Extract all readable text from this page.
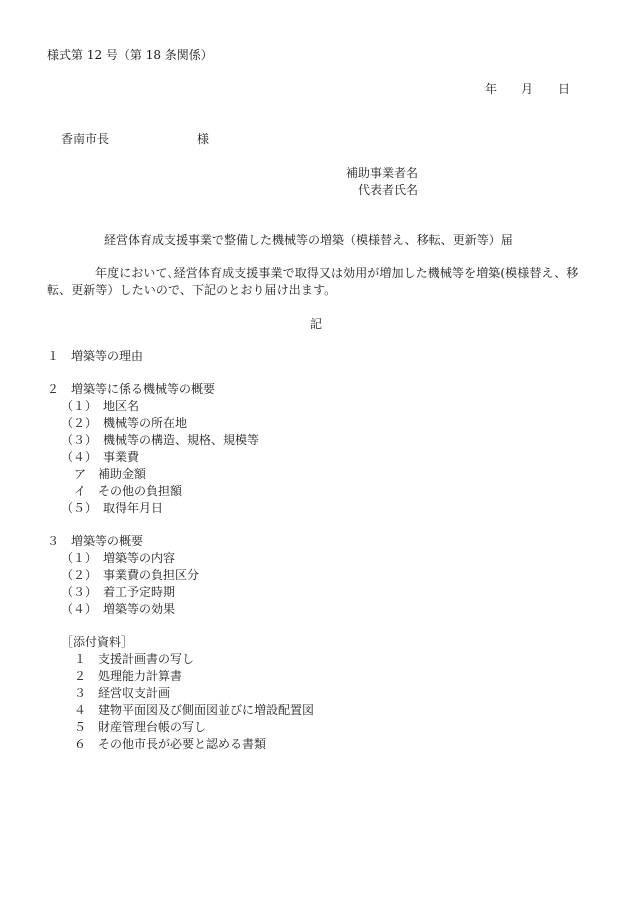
様式第 12 号（第 18 条関係）
年 月 日
香南市長	様
補助事業者名
代表者氏名
経営体育成支援事業で整備した機械等の増築（模様替え、移転、更新等）届
年度において､経営体育成支援事業で取得又は効用が増加した機械等を増築(模様替え、移転、更新等）したいので、下記のとおり届け出ます。
記
１　増築等の理由
２　増築等に係る機械等の概要
（１）　地区名
（２）　機械等の所在地
（３）　機械等の構造、規格、規模等
（４）　事業費
ア　補助金額
イ　その他の負担額
（５）　取得年月日
３　増築等の概要
（１）　増築等の内容
（２）　事業費の負担区分
（３）　着工予定時期
（４）　増築等の効果
［添付資料］
１　支援計画書の写し
２　処理能力計算書
３　経営収支計画
４　建物平面図及び側面図並びに増設配置図
５　財産管理台帳の写し
６　その他市長が必要と認める書類
